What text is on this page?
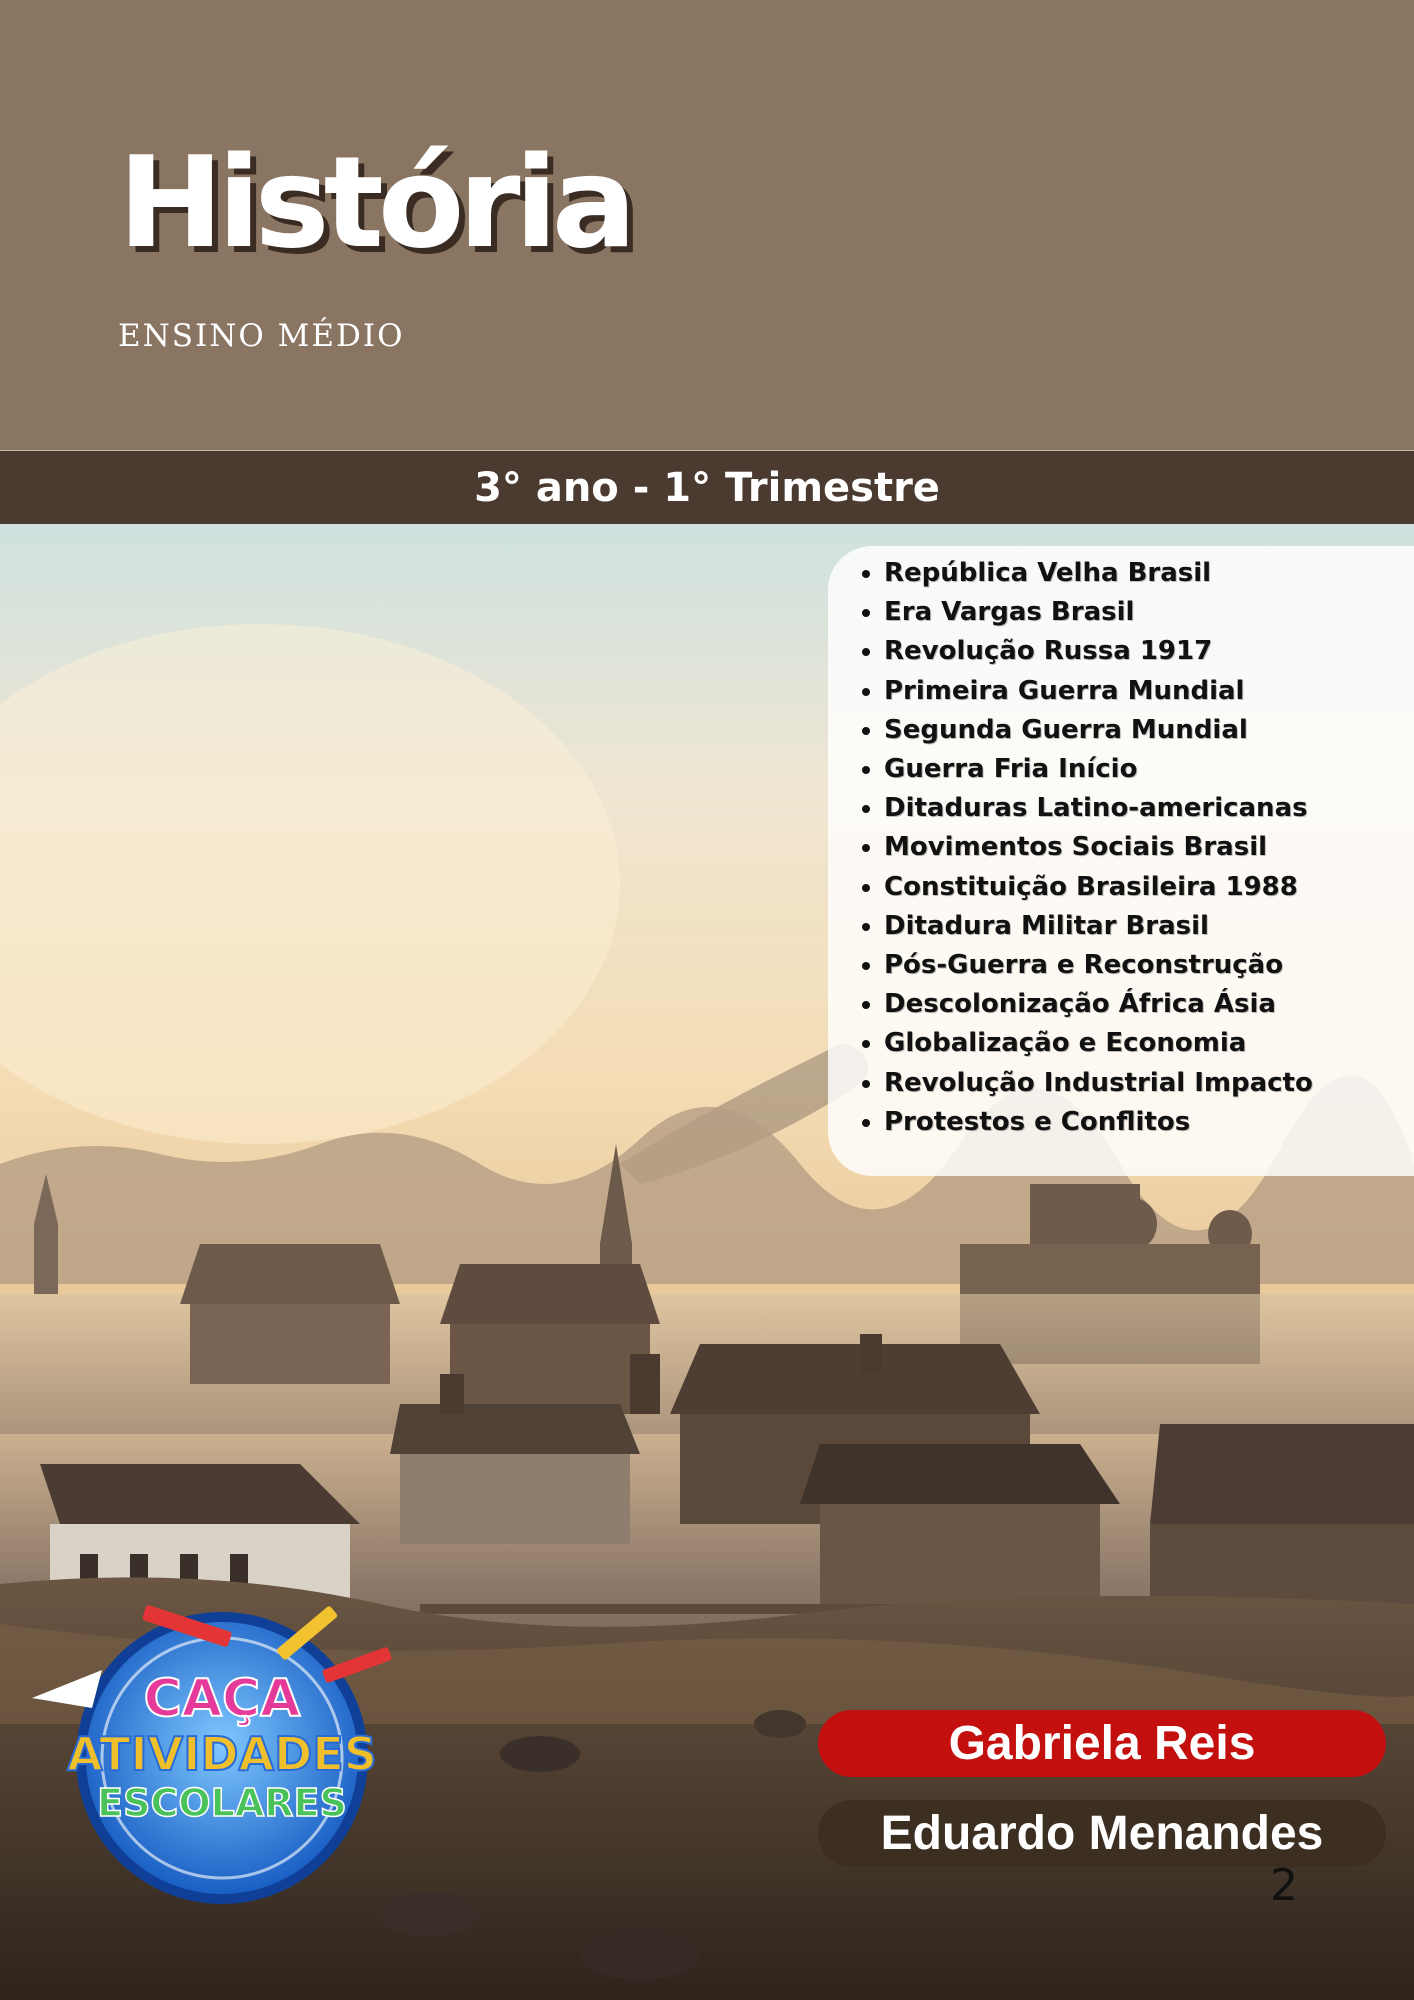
História
ENSINO MÉDIO
3° ano - 1° Trimestre
• República Velha Brasil
• Era Vargas Brasil
• Revolução Russa 1917
• Primeira Guerra Mundial
• Segunda Guerra Mundial
• Guerra Fria Início
• Ditaduras Latino-americanas
• Movimentos Sociais Brasil
• Constituição Brasileira 1988
• Ditadura Militar Brasil
• Pós-Guerra e Reconstrução
• Descolonização África Ásia
• Globalização e Economia
• Revolução Industrial Impacto
• Protestos e Conflitos
CAÇA
ATIVIDADES
ESCOLARES
Gabriela Reis
Eduardo Menandes
2
